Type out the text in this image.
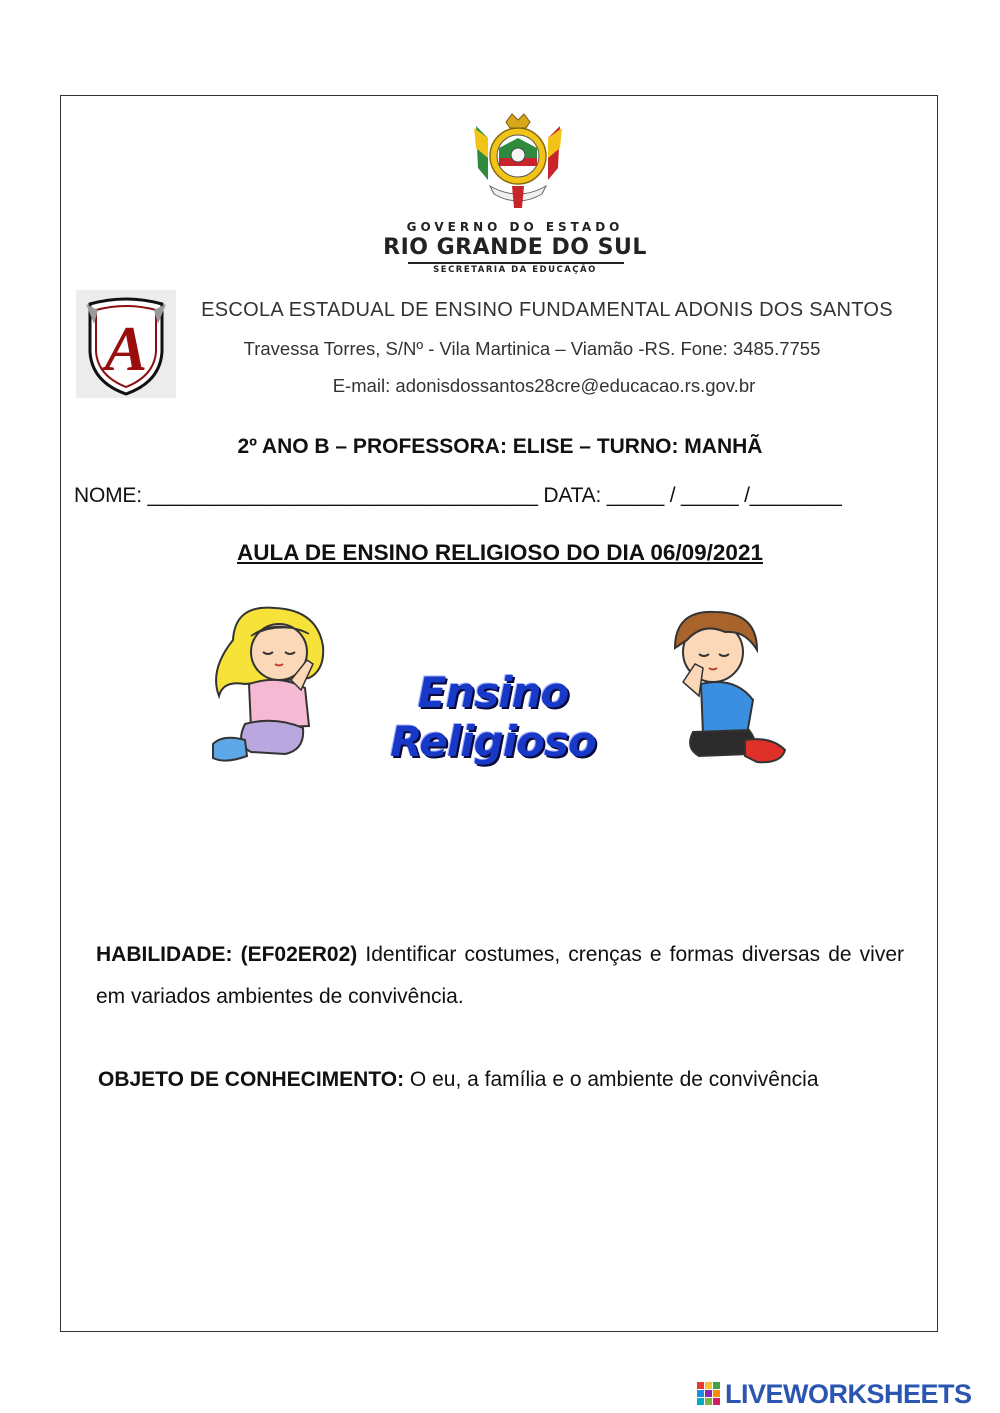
GOVERNO DO ESTADO
RIO GRANDE DO SUL
SECRETARIA DA EDUCAÇÃO
A
ESCOLA ESTADUAL DE ENSINO FUNDAMENTAL ADONIS DOS SANTOS
Travessa Torres, S/Nº - Vila Martinica – Viamão -RS. Fone: 3485.7755
E-mail: adonisdossantos28cre@educacao.rs.gov.br
2º ANO B – PROFESSORA: ELISE – TURNO: MANHÃ
NOME: __________________________________ DATA: _____ / _____ /________
AULA DE ENSINO RELIGIOSO DO DIA 06/09/2021
Ensino Religioso
HABILIDADE: (EF02ER02) Identificar costumes, crenças e formas diversas de viver em variados ambientes de convivência.
OBJETO DE CONHECIMENTO: O eu, a família e o ambiente de convivência
LIVEWORKSHEETS
